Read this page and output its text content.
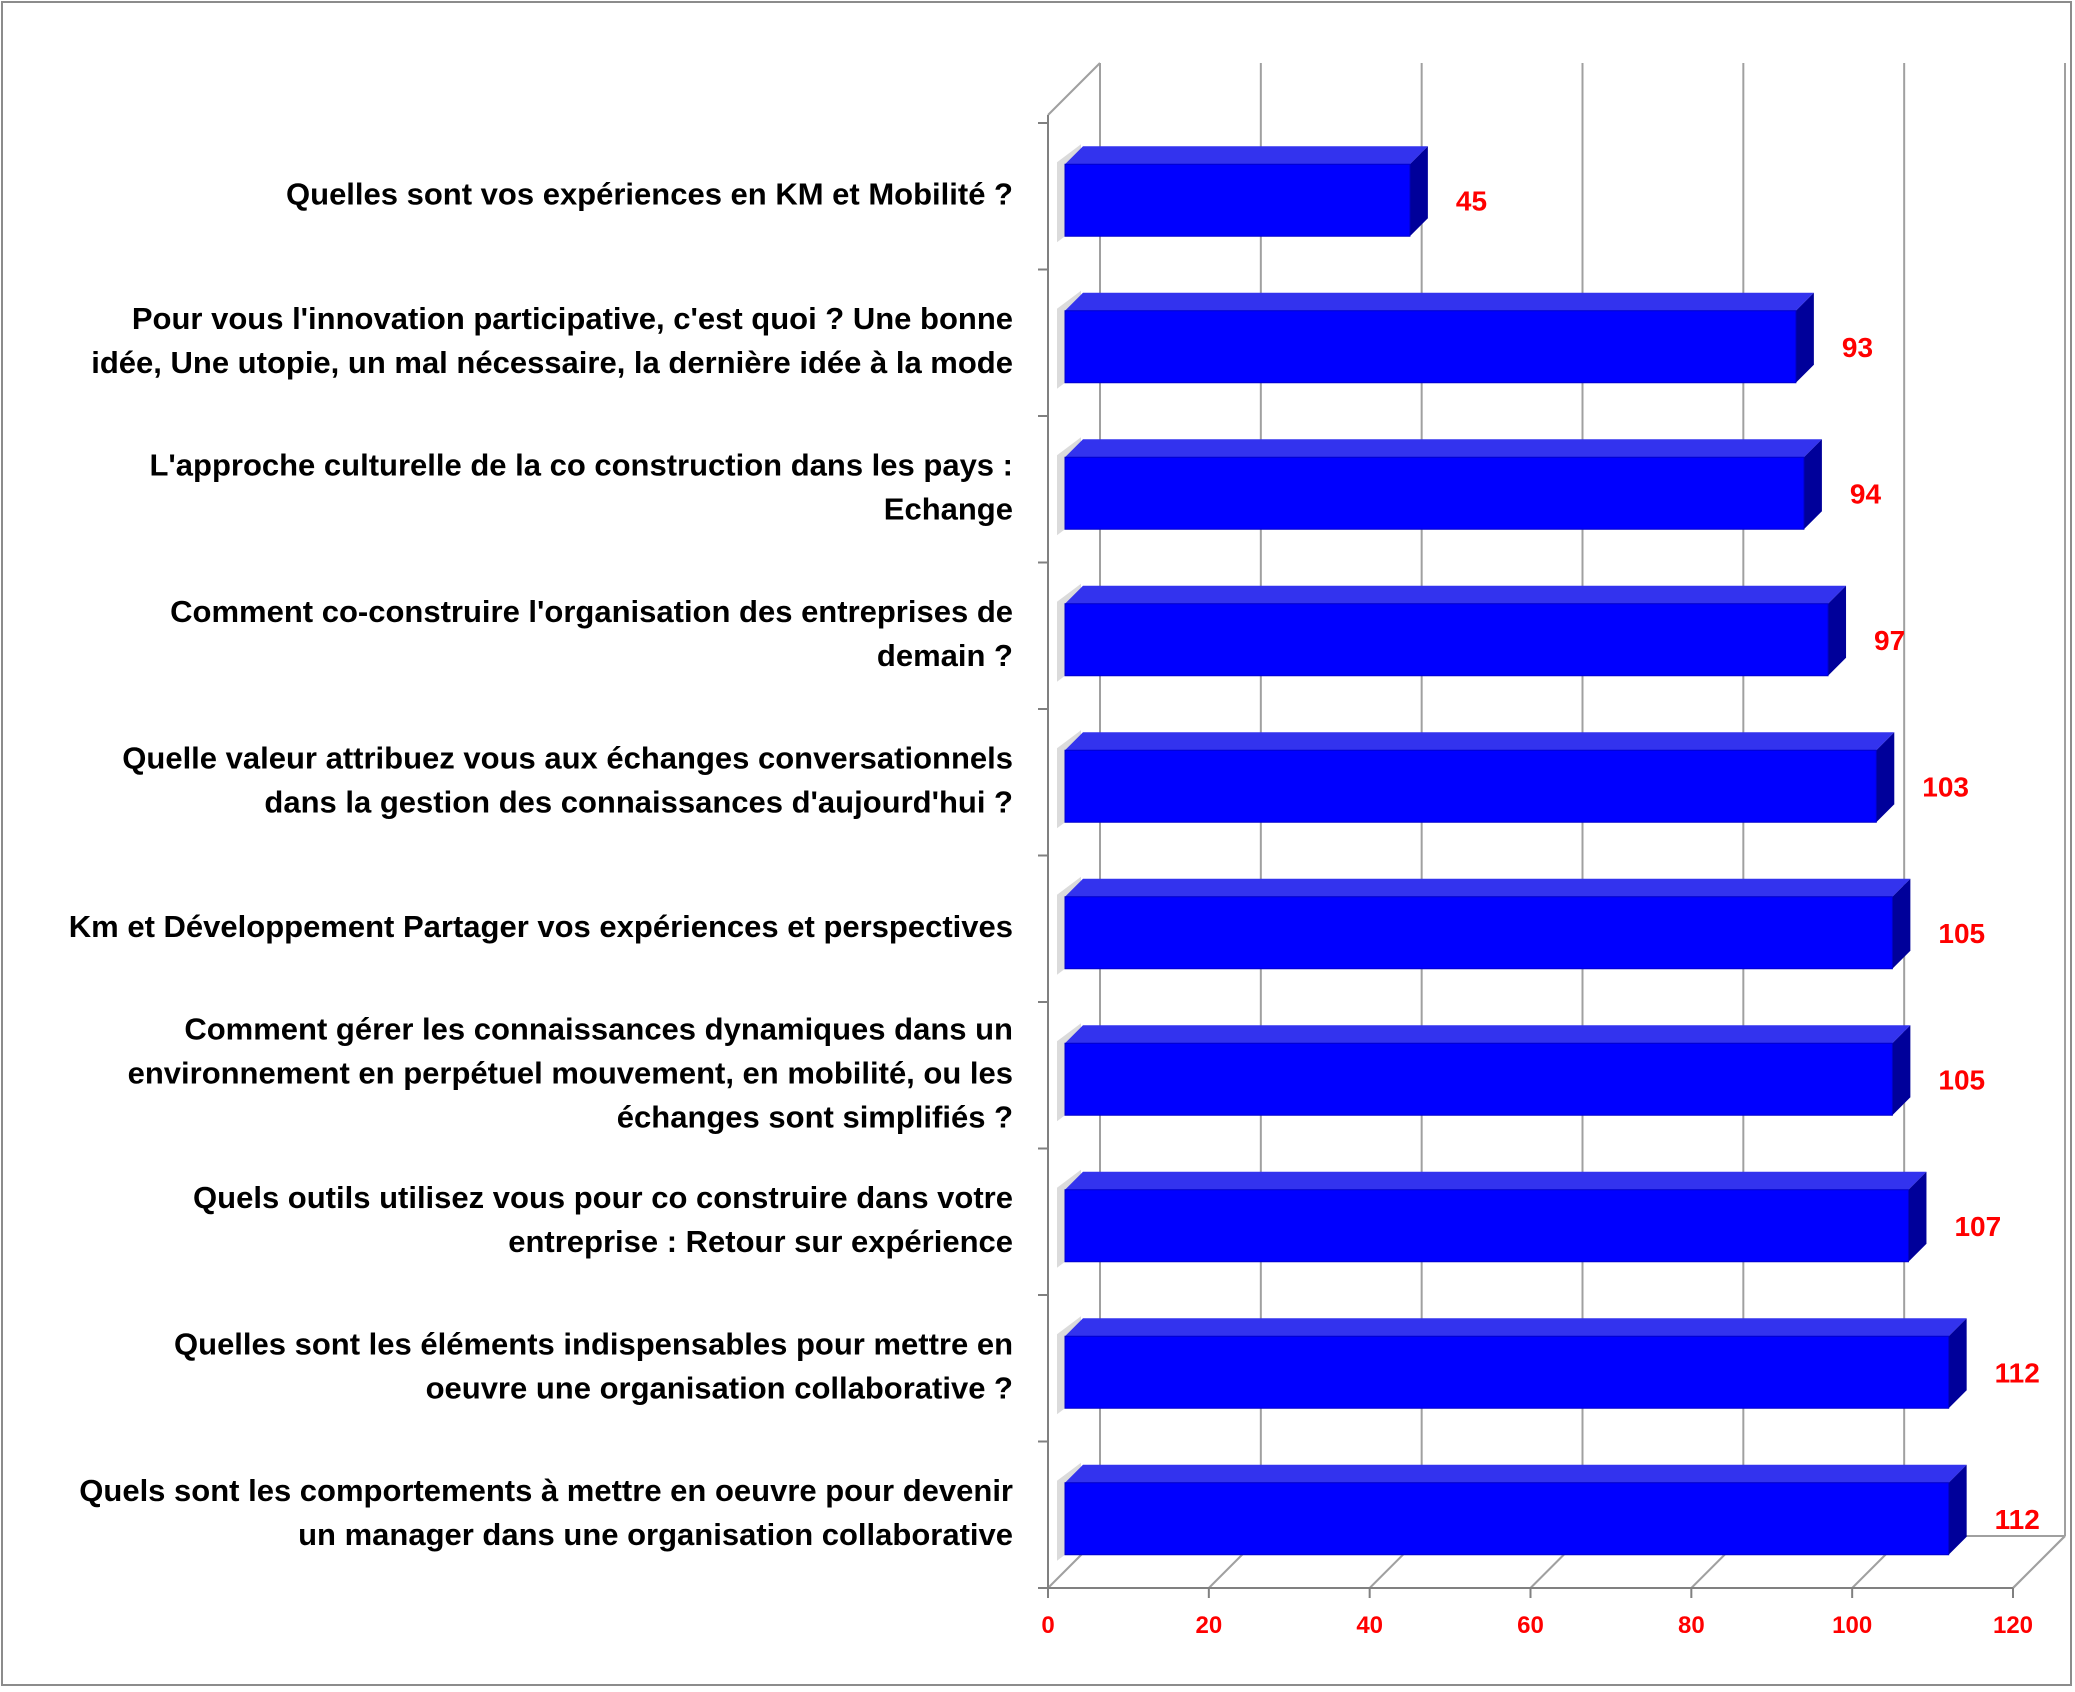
0	20	40	60	80	100	120
112
Quels sont les comportements à mettre en oeuvre pour devenir un manager dans une organisation collaborative
112
Quelles sont les éléments indispensables pour mettre en oeuvre une organisation collaborative ?
107
Quels outils utilisez vous pour co construire dans votre entreprise : Retour sur expérience
105
Comment gérer les connaissances dynamiques dans un environnement en perpétuel mouvement, en mobilité, ou les échanges sont simplifiés ?
105
Km et Développement Partager vos expériences et perspectives
103
Quelle valeur attribuez vous aux échanges conversationnels dans la gestion des connaissances d'aujourd'hui ?
97
Comment co-construire l'organisation des entreprises de demain ?
94
L'approche culturelle de la co construction dans les pays : Echange
93
Pour vous l'innovation participative, c'est quoi ? Une bonne idée, Une utopie, un mal nécessaire, la dernière idée à la mode
45
Quelles sont vos expériences en KM et Mobilité ?
